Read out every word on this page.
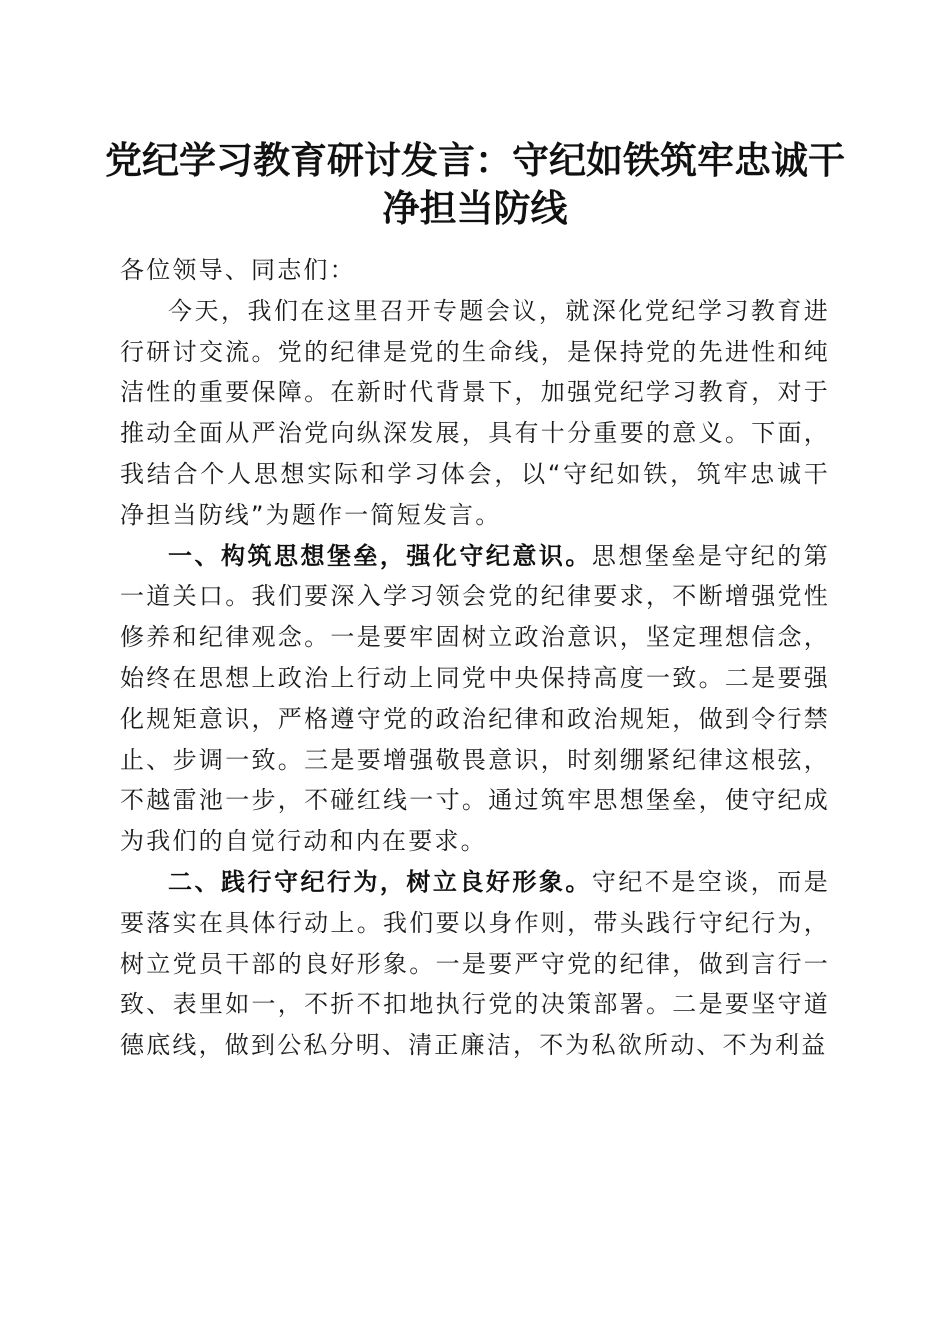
党纪学习教育研讨发言：守纪如铁筑牢忠诚干净担当防线

各位领导、同志们：

今天，我们在这里召开专题会议，就深化党纪学习教育进行研讨交流。党的纪律是党的生命线，是保持党的先进性和纯洁性的重要保障。在新时代背景下，加强党纪学习教育，对于推动全面从严治党向纵深发展，具有十分重要的意义。下面，我结合个人思想实际和学习体会，以“守纪如铁，筑牢忠诚干净担当防线”为题作一简短发言。

一、构筑思想堡垒，强化守纪意识。思想堡垒是守纪的第一道关口。我们要深入学习领会党的纪律要求，不断增强党性修养和纪律观念。一是要牢固树立政治意识，坚定理想信念，始终在思想上政治上行动上同党中央保持高度一致。二是要强化规矩意识，严格遵守党的政治纪律和政治规矩，做到令行禁止、步调一致。三是要增强敬畏意识，时刻绷紧纪律这根弦，不越雷池一步，不碰红线一寸。通过筑牢思想堡垒，使守纪成为我们的自觉行动和内在要求。

二、践行守纪行为，树立良好形象。守纪不是空谈，而是要落实在具体行动上。我们要以身作则，带头践行守纪行为，树立党员干部的良好形象。一是要严守党的纪律，做到言行一致、表里如一，不折不扣地执行党的决策部署。二是要坚守道德底线，做到公私分明、清正廉洁，不为私欲所动、不为利益
